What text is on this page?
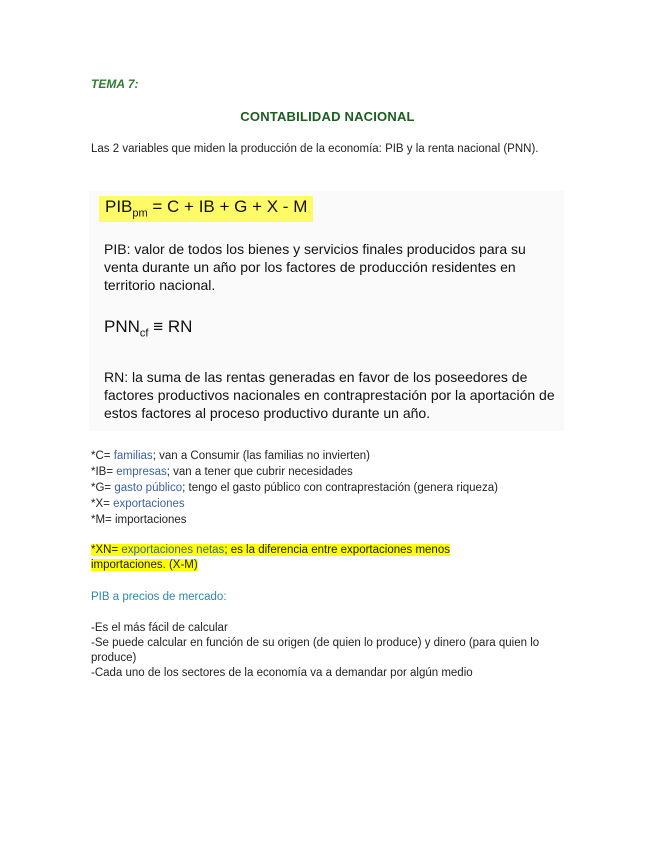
TEMA 7:
CONTABILIDAD NACIONAL
Las 2 variables que miden la producción de la economía: PIB y la renta nacional (PNN).
$PIB_{pm} = C$ + IB + G + X - M
PIB: valor de todos los bienes y servicios finales producidos para su venta durante un año por los factores de producción residentes en territorio nacional.
$PNN_{cf}$ ≡ RN
RN: la suma de las rentas generadas en favor de los poseedores de factores productivos nacionales en contraprestación por la aportación de estos factores al proceso productivo durante un año.
*C= familias; van a Consumir (las familias no invierten)
*IB= empresas; van a tener que cubrir necesidades
*G= gasto público; tengo el gasto público con contraprestación (genera riqueza)
*X= exportaciones
*M= importaciones
*XN= exportaciones netas; es la diferencia entre exportaciones menos importaciones. (X-M)
PIB a precios de mercado:
-Es el más fácil de calcular
-Se puede calcular en función de su origen (de quien lo produce) y dinero (para quien lo produce)
-Cada uno de los sectores de la economía va a demandar por algún medio
